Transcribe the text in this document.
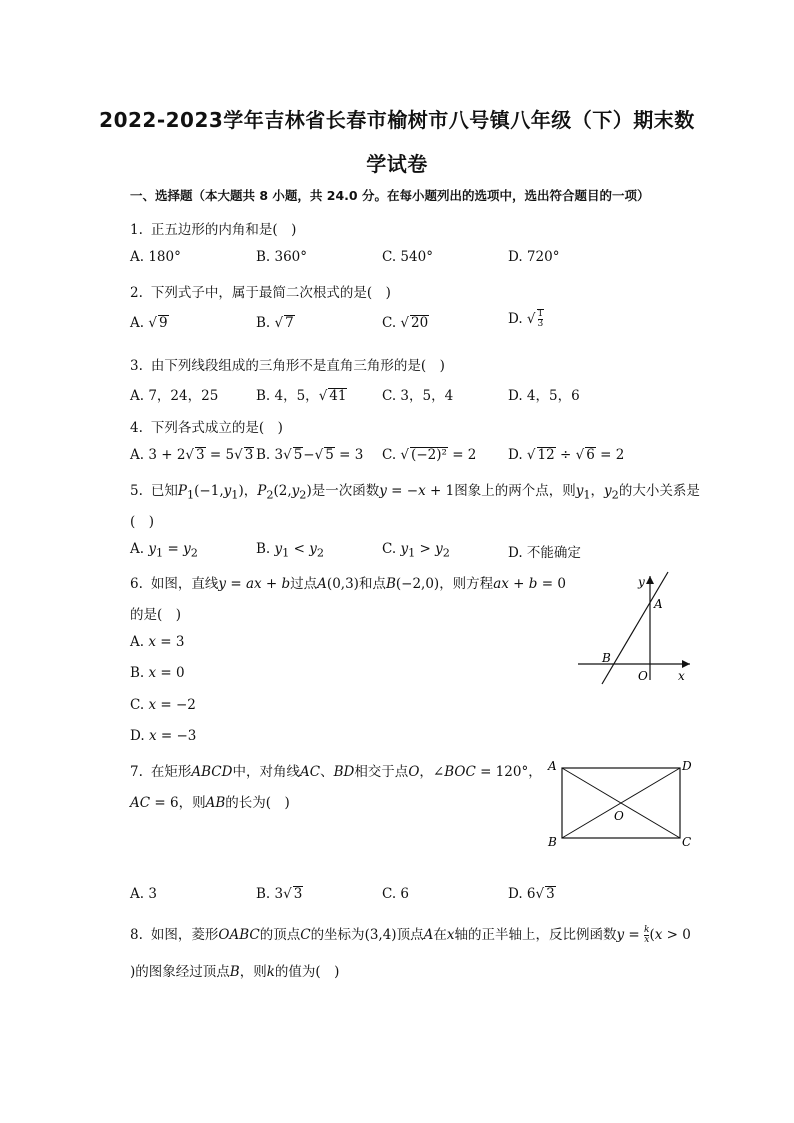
2022-2023学年吉林省长春市榆树市八号镇八年级（下）期末数
学试卷
一、选择题（本大题共 8 小题，共 24.0 分。在每小题列出的选项中，选出符合题目的一项）
1. 正五边形的内角和是(　)
A. 180°	B. 360°	C. 540°	D. 720°
2. 下列式子中，属于最简二次根式的是(　)
A. √ 9	B. √ 7	C. √ 20	D. √ $\frac{1}{3}$
3. 由下列线段组成的三角形不是直角三角形的是(　)
A. 7，24，25	B. 4，5，√ 41	C. 3，5，4	D. 4，5，6
4. 下列各式成立的是(　)
A. 3 + 2√ 3 = 5√ 3 B. 3√ 5−√ 5 = 3 C. √ (−2)² = 2 D. √ 12 ÷ √ 6 = 2
5. 已知$P_1(-1,y_1)$，$P_2(2,y_2)$是一次函数y = −x + 1图象上的两个点，则$y_1$，$y_2$的大小关系是
(　)
A. $y_1 = y_2$	B. $y_1 < y_2$	C. $y_1 > y_2$	D. 不能确定
6. 如图，直线y = ax + b过点A(0,3)和点B(−2,0)，则方程ax + b = 0
的是(　)
A. x = 3
B. x = 0
C. x = −2
D. x = −3
y
A
B
O	x
7. 在矩形ABCD中，对角线AC、BD相交于点O，∠BOC = 120°，
AC = 6，则AB的长为(　)
A	D
O
B	C
A. 3	B. 3√ 3	C. 6	D. 6√ 3
8. 如图，菱形OABC的顶点C的坐标为(3,4)顶点A在x轴的正半轴上，反比例函数$y = \frac{k}{x} (x > 0$
)的图象经过顶点B，则k的值为(　)
